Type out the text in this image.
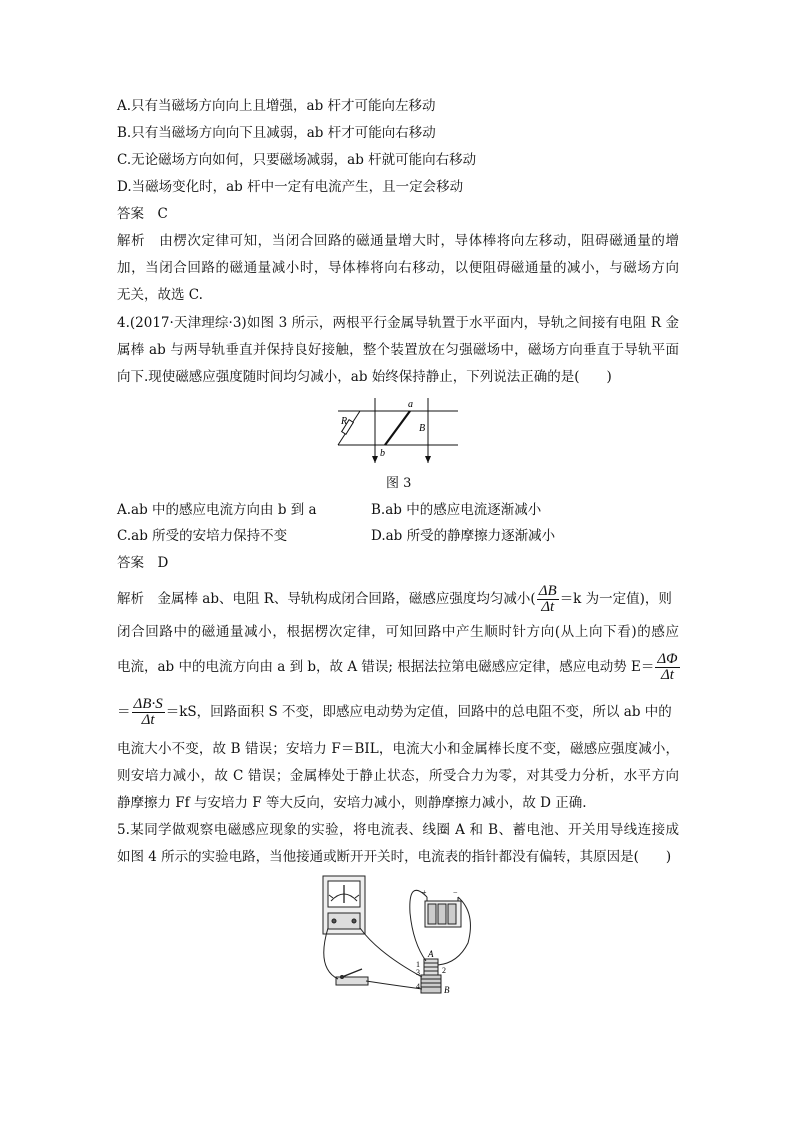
A.只有当磁场方向向上且增强，ab 杆才可能向左移动
B.只有当磁场方向向下且减弱，ab 杆才可能向右移动
C.无论磁场方向如何，只要磁场减弱，ab 杆就可能向右移动
D.当磁场变化时，ab 杆中一定有电流产生，且一定会移动
答案　C
解析　由楞次定律可知，当闭合回路的磁通量增大时，导体棒将向左移动，阻碍磁通量的增
加，当闭合回路的磁通量减小时，导体棒将向右移动，以便阻碍磁通量的减小，与磁场方向
无关，故选 C.
4.(2017·天津理综·3)如图 3 所示，两根平行金属导轨置于水平面内，导轨之间接有电阻 R 金
属棒 ab 与两导轨垂直并保持良好接触，整个装置放在匀强磁场中，磁场方向垂直于导轨平面
向下.现使磁感应强度随时间均匀减小，ab 始终保持静止，下列说法正确的是(　　)
R
a
b
B
图 3
A.ab 中的感应电流方向由 b 到 a	B.ab 中的感应电流逐渐减小
C.ab 所受的安培力保持不变	D.ab 所受的静摩擦力逐渐减小
答案　D
解析　金属棒 ab、电阻 R、导轨构成闭合回路，磁感应强度均匀减小( $\frac{\Delta B}{\Delta t} =k$ 为一定值)，则
闭合回路中的磁通量减小，根据楞次定律，可知回路中产生顺时针方向(从上向下看)的感应
电流，ab 中的电流方向由 a 到 b，故 A 错误; 根据法拉第电磁感应定律，感应电动势 $E= \frac{\Delta\Phi}{\Delta t}$
＝ $\frac{\Delta B\cdot S}{\Delta t} =kS$，回路面积 S 不变，即感应电动势为定值，回路中的总电阻不变，所以 ab 中的
电流大小不变，故 B 错误；安培力 F＝BIL，电流大小和金属棒长度不变，磁感应强度减小，
则安培力减小，故 C 错误；金属棒处于静止状态，所受合力为零，对其受力分析，水平方向
静摩擦力 Ff 与安培力 F 等大反向，安培力减小，则静摩擦力减小，故 D 正确.
5.某同学做观察电磁感应现象的实验，将电流表、线圈 A 和 B、蓄电池、开关用导线连接成
如图 4 所示的实验电路，当他接通或断开开关时，电流表的指针都没有偏转，其原因是(　　)
+	−
A
B
1
2
3
4
